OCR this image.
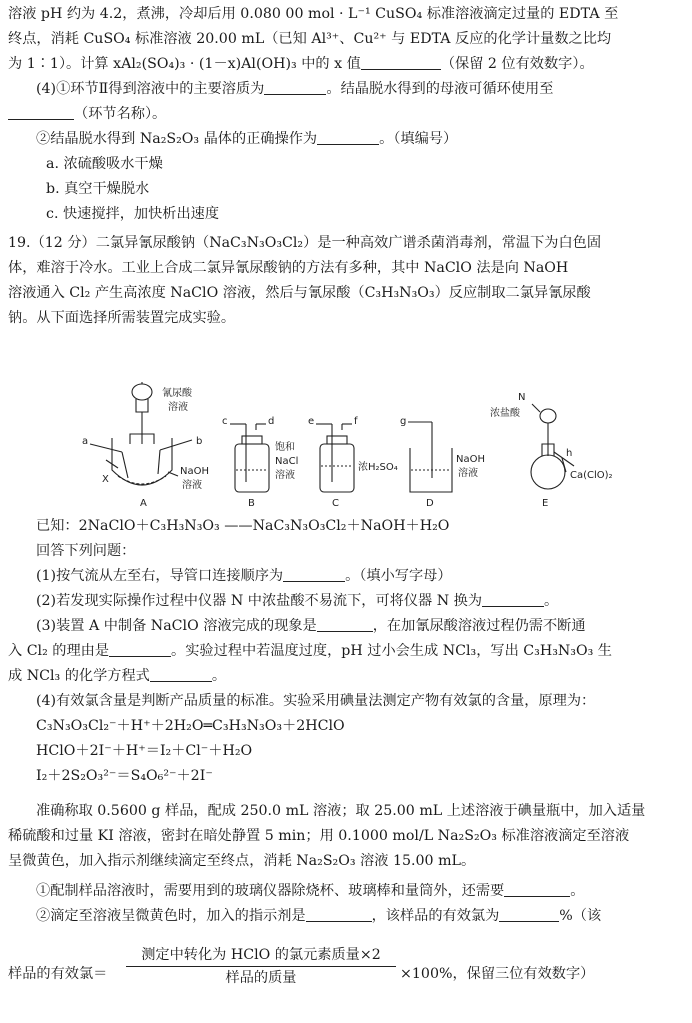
溶液 pH 约为 4.2，煮沸，冷却后用 0.080 00 mol · L⁻¹ CuSO₄ 标准溶液滴定过量的 EDTA 至
终点，消耗 CuSO₄ 标准溶液 20.00 mL（已知 Al³⁺、Cu²⁺ 与 EDTA 反应的化学计量数之比均
为 1∶1）。计算 xAl₂(SO₄)₃ · (1－x)Al(OH)₃ 中的 x 值	（保留 2 位有效数字）。
(4)①环节Ⅱ得到溶液中的主要溶质为	。结晶脱水得到的母液可循环使用至
（环节名称）。
②结晶脱水得到 Na₂S₂O₃ 晶体的正确操作为	。（填编号）
a. 浓硫酸吸水干燥
b. 真空干燥脱水
c. 快速搅拌，加快析出速度
19.（12 分）二氯异氰尿酸钠（NaC₃N₃O₃Cl₂）是一种高效广谱杀菌消毒剂，常温下为白色固
体，难溶于冷水。工业上合成二氯异氰尿酸钠的方法有多种，其中 NaClO 法是向 NaOH
溶液通入 Cl₂ 产生高浓度 NaClO 溶液，然后与氰尿酸（C₃H₃N₃O₃）反应制取二氯异氰尿酸
钠。从下面选择所需装置完成实验。
氰尿酸
溶液
a	b
X
NaOH
溶液
A
c	d
饱和
NaCl
溶液
B
e	f
浓H₂SO₄
C
g
NaOH
溶液
D
N
浓盐酸
h
Ca(ClO)₂
E
已知：2NaClO＋C₃H₃N₃O₃ ——NaC₃N₃O₃Cl₂＋NaOH＋H₂O
回答下列问题：
(1)按气流从左至右，导管口连接顺序为	。（填小写字母）
(2)若发现实际操作过程中仪器 N 中浓盐酸不易流下，可将仪器 N 换为	。
(3)装置 A 中制备 NaClO 溶液完成的现象是	，在加氰尿酸溶液过程仍需不断通
入 Cl₂ 的理由是	。实验过程中若温度过度，pH 过小会生成 NCl₃，写出 C₃H₃N₃O₃ 生
成 NCl₃ 的化学方程式	。
(4)有效氯含量是判断产品质量的标准。实验采用碘量法测定产物有效氯的含量，原理为：
C₃N₃O₃Cl₂⁻＋H⁺＋2H₂O═C₃H₃N₃O₃＋2HClO
HClO＋2I⁻＋H⁺＝I₂＋Cl⁻＋H₂O
I₂＋2S₂O₃²⁻＝S₄O₆²⁻＋2I⁻
准确称取 0.5600 g 样品，配成 250.0 mL 溶液；取 25.00 mL 上述溶液于碘量瓶中，加入适量
稀硫酸和过量 KI 溶液，密封在暗处静置 5 min；用 0.1000 mol/L Na₂S₂O₃ 标准溶液滴定至溶液
呈微黄色，加入指示剂继续滴定至终点，消耗 Na₂S₂O₃ 溶液 15.00 mL。
①配制样品溶液时，需要用到的玻璃仪器除烧杯、玻璃棒和量筒外，还需要	。
②滴定至溶液呈微黄色时，加入的指示剂是	，该样品的有效氯为	%（该
样品的有效氯＝
测定中转化为 HClO 的氯元素质量×2
样品的质量	×100%，保留三位有效数字）
